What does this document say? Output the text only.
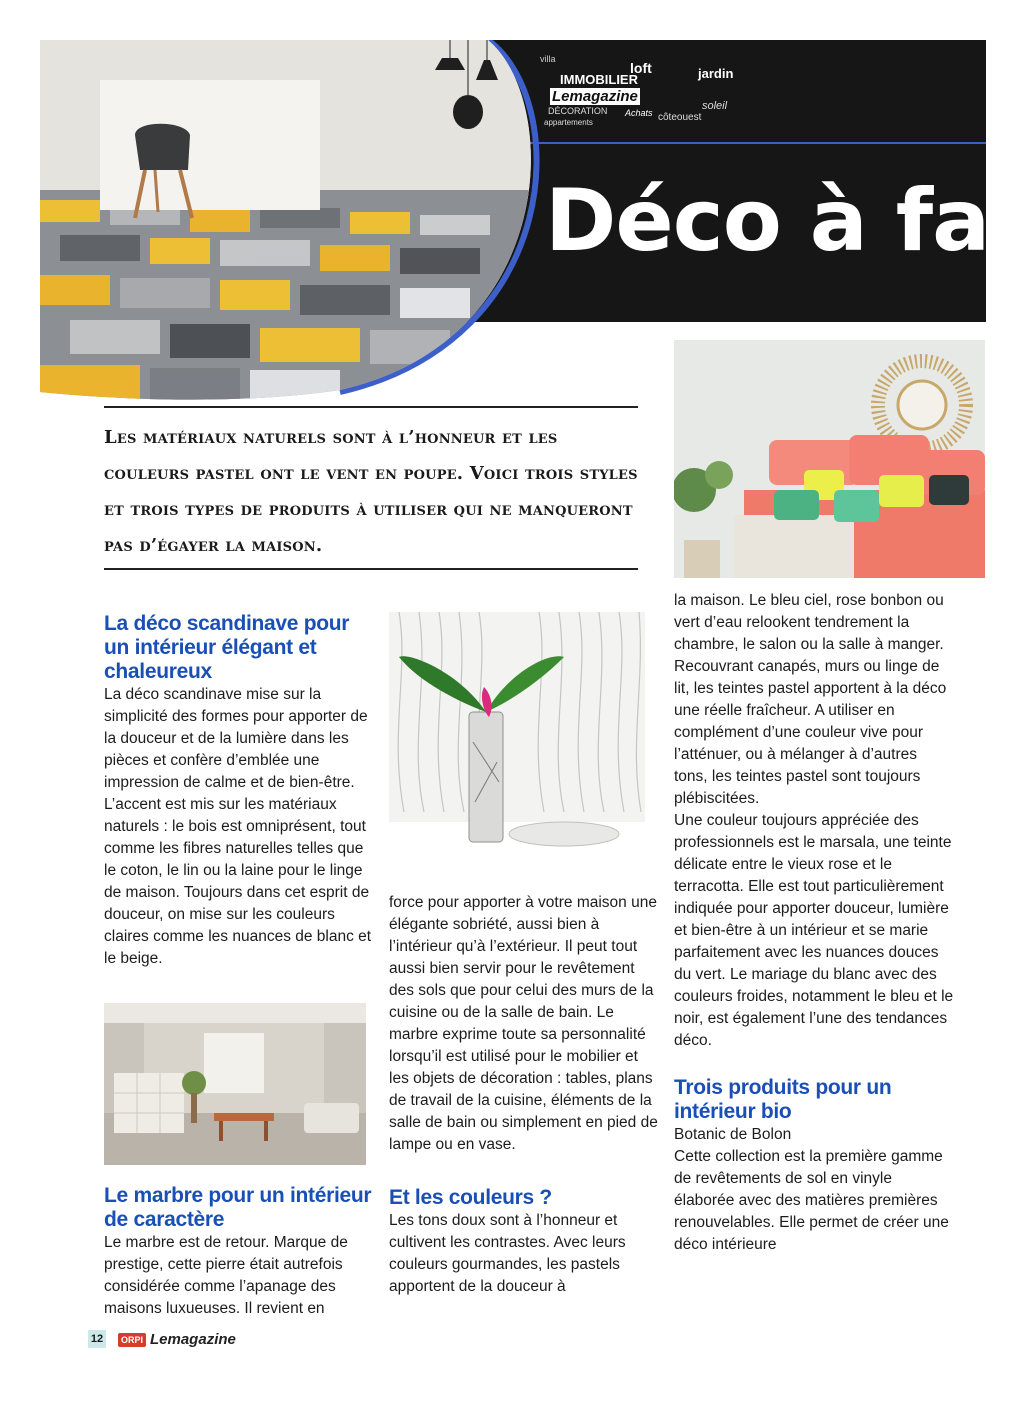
IMMOBILIER
Lemagazine
loft	jardin
villa
DÉCORATION
appartements
Achats côteouest
soleil
Déco à fa
Les matériaux naturels sont à l’honneur et les couleurs pastel ont le vent en poupe. Voici trois styles et trois types de produits à utiliser qui ne manqueront pas d’égayer la maison.

La déco scandinave pour un intérieur élégant et chaleureux

La déco scandinave mise sur la simplicité des formes pour apporter de la douceur et de la lumière dans les pièces et confère d’emblée une impression de calme et de bien-être. L’accent est mis sur les matériaux naturels : le bois est omniprésent, tout comme les fibres naturelles telles que le coton, le lin ou la laine pour le linge de maison. Toujours dans cet esprit de douceur, on mise sur les couleurs claires comme les nuances de blanc et le beige.

Le marbre pour un intérieur de caractère

Le marbre est de retour. Marque de prestige, cette pierre était autrefois considérée comme l’apanage des maisons luxueuses. Il revient en

force pour apporter à votre maison une élégante sobriété, aussi bien à l’intérieur qu’à l’extérieur. Il peut tout aussi bien servir pour le revêtement des sols que pour celui des murs de la cuisine ou de la salle de bain. Le marbre exprime toute sa personnalité lorsqu’il est utilisé pour le mobilier et les objets de décoration : tables, plans de travail de la cuisine, éléments de la salle de bain ou simplement en pied de lampe ou en vase.

Et les couleurs ?

Les tons doux sont à l’honneur et cultivent les contrastes. Avec leurs couleurs gourmandes, les pastels apportent de la douceur à

la maison. Le bleu ciel, rose bonbon ou vert d’eau relookent tendrement la chambre, le salon ou la salle à manger. Recouvrant canapés, murs ou linge de lit, les teintes pastel apportent à la déco une réelle fraîcheur. A utiliser en complément d’une couleur vive pour l’atténuer, ou à mélanger à d’autres tons, les teintes pastel sont toujours plébiscitées.

Une couleur toujours appréciée des professionnels est le marsala, une teinte délicate entre le vieux rose et le terracotta. Elle est tout particulièrement indiquée pour apporter douceur, lumière et bien-être à un intérieur et se marie parfaitement avec les nuances douces du vert. Le mariage du blanc avec des couleurs froides, notamment le bleu et le noir, est également l’une des tendances déco.

Trois produits pour un intérieur bio

Botanic de Bolon

Cette collection est la première gamme de revêtements de sol en vinyle élaborée avec des matières premières renouvelables. Elle permet de créer une déco intérieure

12	ORPI Lemagazine
